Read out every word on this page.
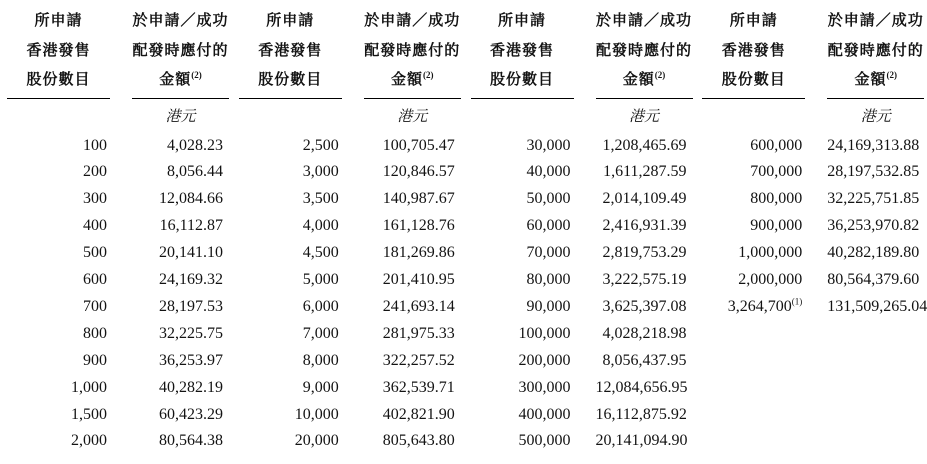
所申請
香港發售
股份數目
於申請／成功
配發時應付的
金額$^{(2)}$
港元
100	4,028.23
200	8,056.44
300	12,084.66
400	16,112.87
500	20,141.10
600	24,169.32
700	28,197.53
800	32,225.75
900	36,253.97
1,000	40,282.19
1,500	60,423.29
2,000	80,564.38
所申請
香港發售
股份數目
於申請／成功
配發時應付的
金額$^{(2)}$
港元
2,500	100,705.47
3,000	120,846.57
3,500	140,987.67
4,000	161,128.76
4,500	181,269.86
5,000	201,410.95
6,000	241,693.14
7,000	281,975.33
8,000	322,257.52
9,000	362,539.71
10,000	402,821.90
20,000	805,643.80
所申請
香港發售
股份數目
於申請／成功
配發時應付的
金額$^{(2)}$
港元
30,000	1,208,465.69
40,000	1,611,287.59
50,000	2,014,109.49
60,000	2,416,931.39
70,000	2,819,753.29
80,000	3,222,575.19
90,000	3,625,397.08
100,000	4,028,218.98
200,000	8,056,437.95
300,000 12,084,656.95
400,000 16,112,875.92
500,000 20,141,094.90
所申請
香港發售
股份數目
於申請／成功
配發時應付的
金額$^{(2)}$
港元
600,000 24,169,313.88
700,000 28,197,532.85
800,000 32,225,751.85
900,000 36,253,970.82
1,000,000 40,282,189.80
2,000,000 80,564,379.60
3,264,700$^{(1)}$ 131,509,265.04
